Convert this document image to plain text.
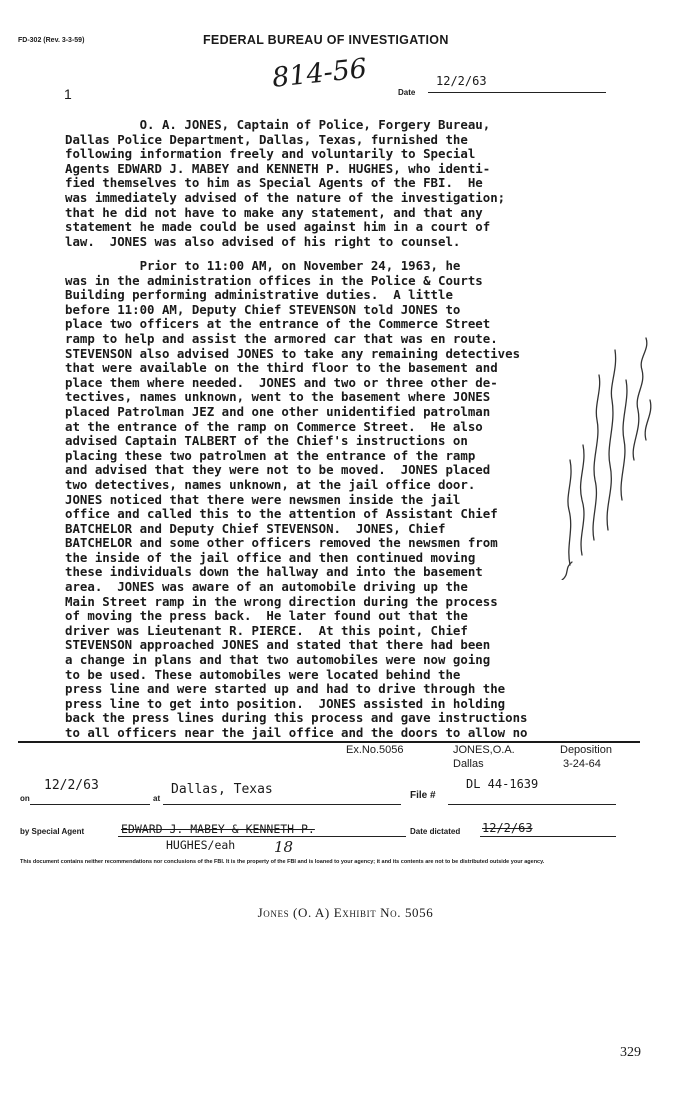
FD-302 (Rev. 3-3-59)	FEDERAL BUREAU OF INVESTIGATION
1
814-56	Date
12/2/63
O. A. JONES, Captain of Police, Forgery Bureau,
Dallas Police Department, Dallas, Texas, furnished the
following information freely and voluntarily to Special
Agents EDWARD J. MABEY and KENNETH P. HUGHES, who identi-
fied themselves to him as Special Agents of the FBI.  He
was immediately advised of the nature of the investigation;
that he did not have to make any statement, and that any
statement he made could be used against him in a court of
law.  JONES was also advised of his right to counsel.
Prior to 11:00 AM, on November 24, 1963, he
was in the administration offices in the Police & Courts
Building performing administrative duties.  A little
before 11:00 AM, Deputy Chief STEVENSON told JONES to
place two officers at the entrance of the Commerce Street
ramp to help and assist the armored car that was en route.
STEVENSON also advised JONES to take any remaining detectives
that were available on the third floor to the basement and
place them where needed.  JONES and two or three other de-
tectives, names unknown, went to the basement where JONES
placed Patrolman JEZ and one other unidentified patrolman
at the entrance of the ramp on Commerce Street.  He also
advised Captain TALBERT of the Chief's instructions on
placing these two patrolmen at the entrance of the ramp
and advised that they were not to be moved.  JONES placed
two detectives, names unknown, at the jail office door.
JONES noticed that there were newsmen inside the jail
office and called this to the attention of Assistant Chief
BATCHELOR and Deputy Chief STEVENSON.  JONES, Chief
BATCHELOR and some other officers removed the newsmen from
the inside of the jail office and then continued moving
these individuals down the hallway and into the basement
area.  JONES was aware of an automobile driving up the
Main Street ramp in the wrong direction during the process
of moving the press back.  He later found out that the
driver was Lieutenant R. PIERCE.  At this point, Chief
STEVENSON approached JONES and stated that there had been
a change in plans and that two automobiles were now going
to be used. These automobiles were located behind the
press line and were started up and had to drive through the
press line to get into position.  JONES assisted in holding
back the press lines during this process and gave instructions
to all officers near the jail office and the doors to allow no
Ex.No.5056	JONES,O.A.
Dallas
Deposition
3-24-64
on
12/2/63
at
Dallas, Texas	File #
DL 44-1639
by Special Agent	EDWARD J. MABEY & KENNETH P.
HUGHES/eah
Date dictated 12/2/63
18
This document contains neither recommendations nor conclusions of the FBI. It is the property of the FBI and is loaned to your agency; it and its contents are not to be distributed outside your agency.
Jones (O. A) Exhibit No. 5056
329
